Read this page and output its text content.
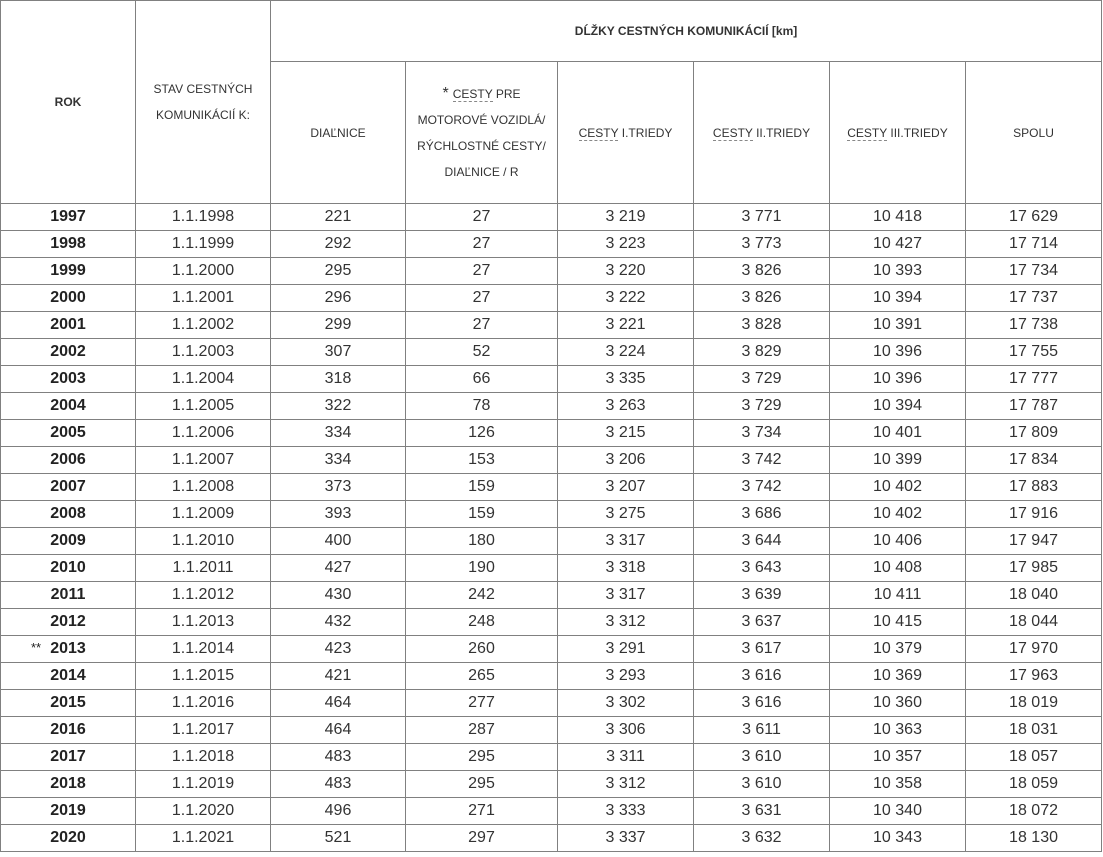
ROK	STAV CESTNÝCH KOMUNIKÁCIÍ K:	DĹŽKY CESTNÝCH KOMUNIKÁCIÍ [km]					
		DIAĽNICE	* CESTY PRE MOTOROVÉ VOZIDLÁ/ RÝCHLOSTNÉ CESTY/ DIAĽNICE / R	CESTY I.TRIEDY	CESTY II.TRIEDY	CESTY III.TRIEDY	SPOLU
1997	1.1.1998	221	27	3 219	3 771	10 418	17 629
1998	1.1.1999	292	27	3 223	3 773	10 427	17 714
1999	1.1.2000	295	27	3 220	3 826	10 393	17 734
2000	1.1.2001	296	27	3 222	3 826	10 394	17 737
2001	1.1.2002	299	27	3 221	3 828	10 391	17 738
2002	1.1.2003	307	52	3 224	3 829	10 396	17 755
2003	1.1.2004	318	66	3 335	3 729	10 396	17 777
2004	1.1.2005	322	78	3 263	3 729	10 394	17 787
2005	1.1.2006	334	126	3 215	3 734	10 401	17 809
2006	1.1.2007	334	153	3 206	3 742	10 399	17 834
2007	1.1.2008	373	159	3 207	3 742	10 402	17 883
2008	1.1.2009	393	159	3 275	3 686	10 402	17 916
2009	1.1.2010	400	180	3 317	3 644	10 406	17 947
2010	1.1.2011	427	190	3 318	3 643	10 408	17 985
2011	1.1.2012	430	242	3 317	3 639	10 411	18 040
2012	1.1.2013	432	248	3 312	3 637	10 415	18 044

** 2013	1.1.2014	423	260	3 291	3 617	10 379	17 970
2014	1.1.2015	421	265	3 293	3 616	10 369	17 963
2015	1.1.2016	464	277	3 302	3 616	10 360	18 019
2016	1.1.2017	464	287	3 306	3 611	10 363	18 031
2017	1.1.2018	483	295	3 311	3 610	10 357	18 057
2018	1.1.2019	483	295	3 312	3 610	10 358	18 059
2019	1.1.2020	496	271	3 333	3 631	10 340	18 072
2020	1.1.2021	521	297	3 337	3 632	10 343	18 130
